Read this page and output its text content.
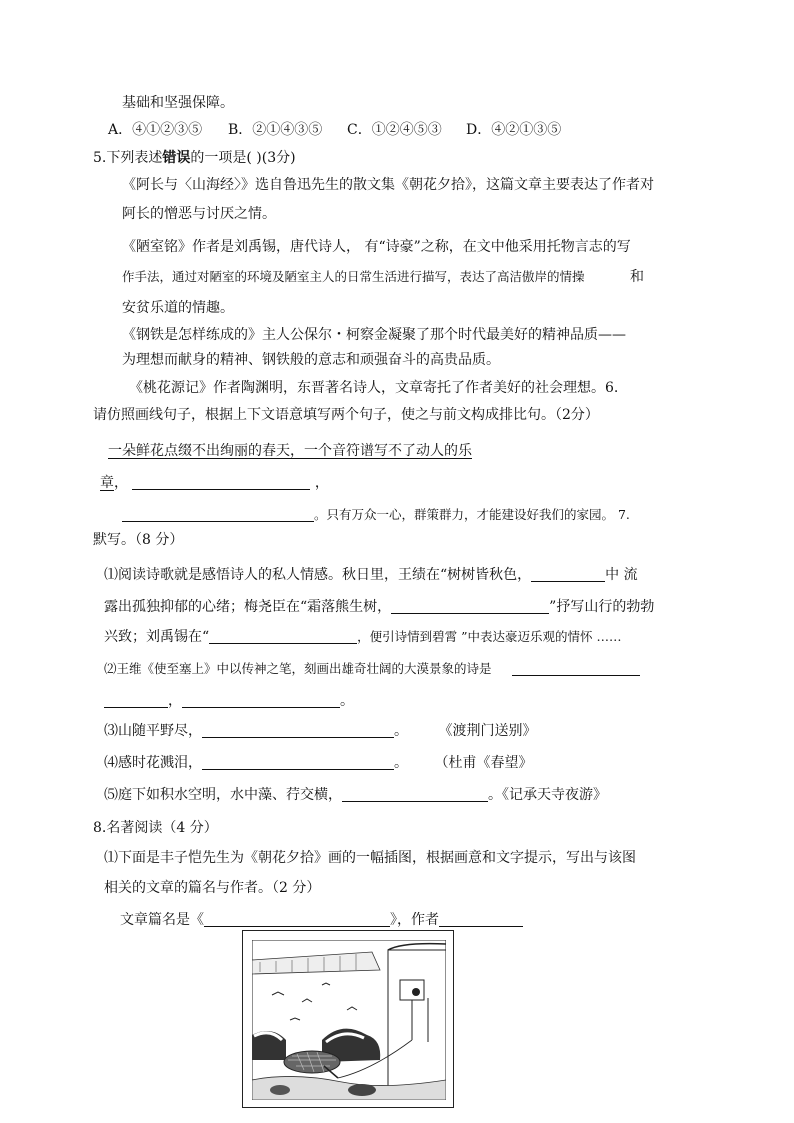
基础和坚强保障。
A．④①②③⑤ B．②①④③⑤ C．①②④⑤③ D．④②①③⑤
5.下列表述错误的一项是( )(3分)
《阿长与〈山海经〉》选自鲁迅先生的散文集《朝花夕拾》，这篇文章主要表达了作者对
阿长的憎恶与讨厌之情。
《陋室铭》作者是刘禹锡，唐代诗人， 有“诗豪”之称，在文中他采用托物言志的写
作手法，通过对陋室的环境及陋室主人的日常生活进行描写，表达了高洁傲岸的情操	和
安贫乐道的情趣。
《钢铁是怎样练成的》主人公保尔・柯察金凝聚了那个时代最美好的精神品质——
为理想而献身的精神、钢铁般的意志和顽强奋斗的高贵品质。
《桃花源记》作者陶渊明，东晋著名诗人，文章寄托了作者美好的社会理想。6.
请仿照画线句子，根据上下文语意填写两个句子，使之与前文构成排比句。（2分）
一朵鲜花点缀不出绚丽的春天，一个音符谱写不了动人的乐
章，	，
。只有万众一心，群策群力，才能建设好我们的家园。 7.
默写。（8 分）
⑴阅读诗歌就是感悟诗人的私人情感。秋日里，王绩在“树树皆秋色，	中 流
露出孤独抑郁的心绪；梅尧臣在“霜落熊生树，	”抒写山行的勃勃
兴致；刘禹锡在“	，便引诗情到碧霄 ”中表达豪迈乐观的情怀 ……
⑵王维《使至塞上》中以传神之笔，刻画出雄奇壮阔的大漠景象的诗是
，	。
⑶山随平野尽，	。 《渡荆门送别》
⑷感时花溅泪，	。 （杜甫《春望》
⑸庭下如积水空明，水中藻、荇交横，	。《记承天寺夜游》
8.名著阅读（4 分）
⑴下面是丰子恺先生为《朝花夕拾》画的一幅插图，根据画意和文字提示，写出与该图
相关的文章的篇名与作者。（2 分）
文章篇名是《	》，作者
